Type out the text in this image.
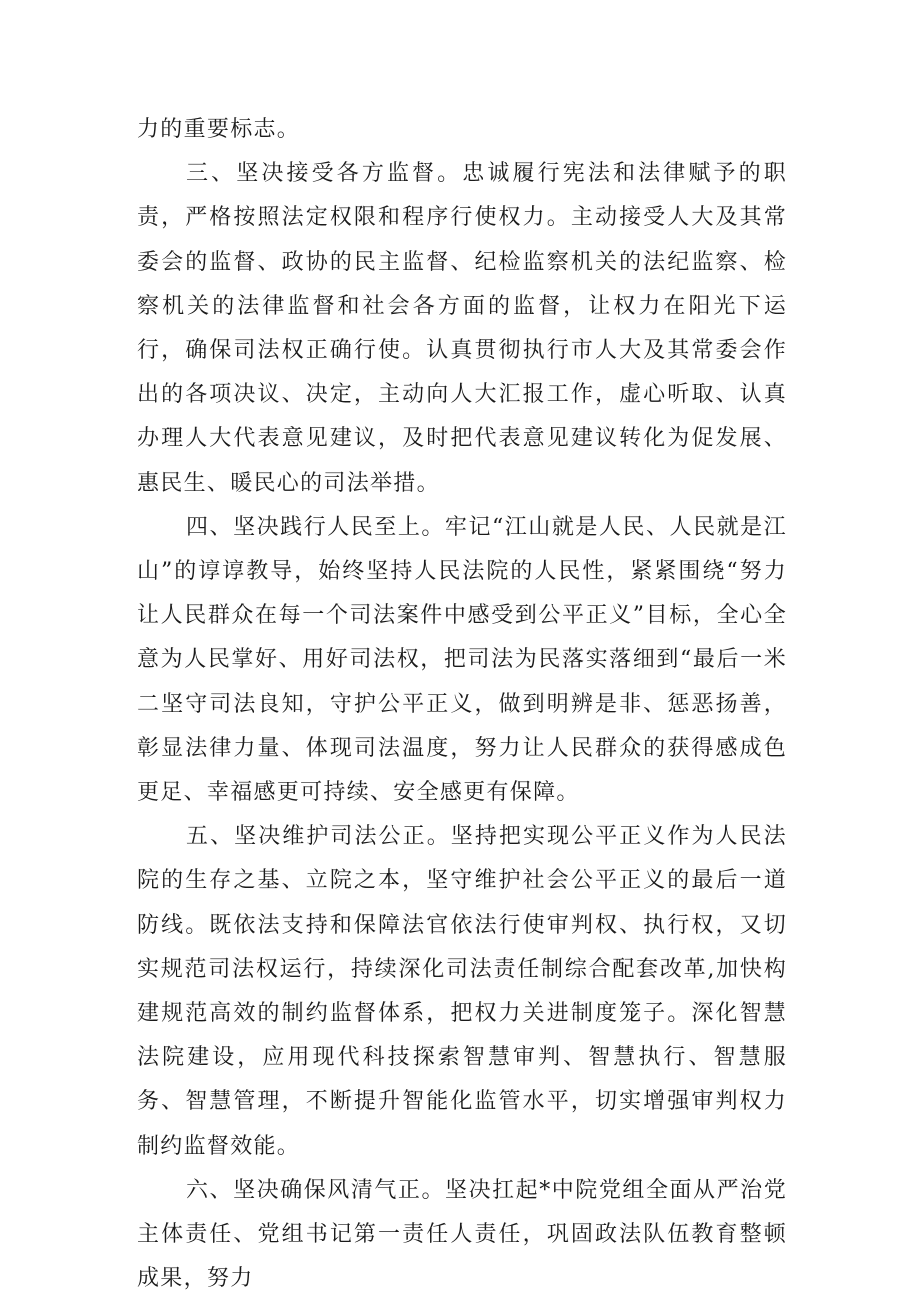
力的重要标志。

三、坚决接受各方监督。忠诚履行宪法和法律赋予的职责，严格按照法定权限和程序行使权力。主动接受人大及其常委会的监督、政协的民主监督、纪检监察机关的法纪监察、检察机关的法律监督和社会各方面的监督，让权力在阳光下运行，确保司法权正确行使。认真贯彻执行市人大及其常委会作出的各项决议、决定，主动向人大汇报工作，虚心听取、认真办理人大代表意见建议，及时把代表意见建议转化为促发展、惠民生、暖民心的司法举措。

四、坚决践行人民至上。牢记“江山就是人民、人民就是江山”的谆谆教导，始终坚持人民法院的人民性，紧紧围绕“努力让人民群众在每一个司法案件中感受到公平正义”目标，全心全意为人民掌好、用好司法权，把司法为民落实落细到“最后一米二坚守司法良知，守护公平正义，做到明辨是非、惩恶扬善，彰显法律力量、体现司法温度，努力让人民群众的获得感成色更足、幸福感更可持续、安全感更有保障。

五、坚决维护司法公正。坚持把实现公平正义作为人民法院的生存之基、立院之本，坚守维护社会公平正义的最后一道防线。既依法支持和保障法官依法行使审判权、执行权，又切实规范司法权运行，持续深化司法责任制综合配套改革,加快构建规范高效的制约监督体系，把权力关进制度笼子。深化智慧法院建设，应用现代科技探索智慧审判、智慧执行、智慧服务、智慧管理，不断提升智能化监管水平，切实增强审判权力制约监督效能。

六、坚决确保风清气正。坚决扛起*中院党组全面从严治党主体责任、党组书记第一责任人责任，巩固政法队伍教育整顿成果，努力
